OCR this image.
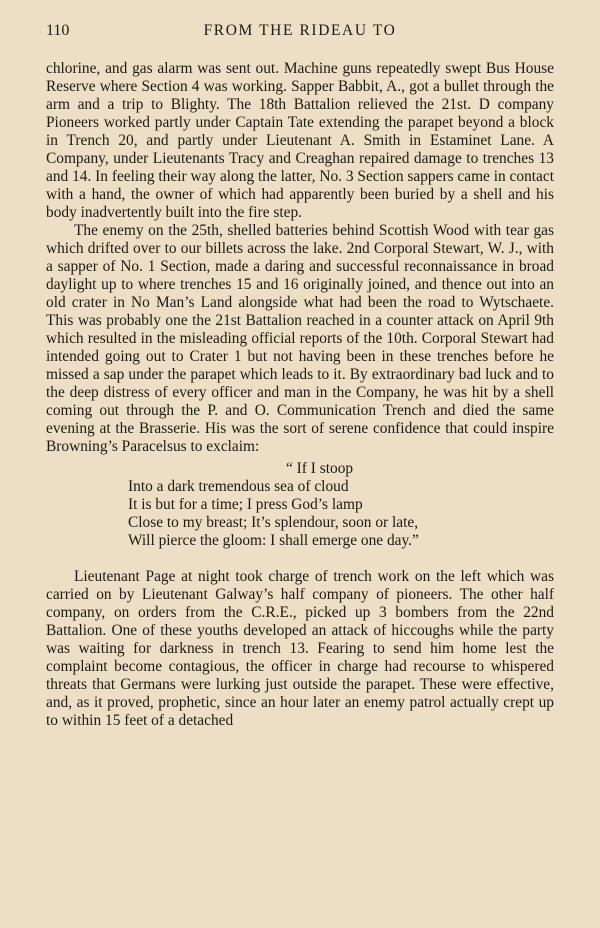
110	FROM THE RIDEAU TO

chlorine, and gas alarm was sent out. Machine guns repeatedly swept Bus House Reserve where Section 4 was working. Sapper Babbit, A., got a bullet through the arm and a trip to Blighty. The 18th Battalion relieved the 21st. D company Pioneers worked partly under Captain Tate extending the parapet beyond a block in Trench 20, and partly under Lieutenant A. Smith in Estaminet Lane. A Company, under Lieutenants Tracy and Creaghan repaired damage to trenches 13 and 14. In feeling their way along the latter, No. 3 Section sappers came in contact with a hand, the owner of which had apparently been buried by a shell and his body inadvertently built into the fire step.

The enemy on the 25th, shelled batteries behind Scottish Wood with tear gas which drifted over to our billets across the lake. 2nd Corporal Stewart, W. J., with a sapper of No. 1 Section, made a daring and successful reconnaissance in broad daylight up to where trenches 15 and 16 originally joined, and thence out into an old crater in No Man’s Land alongside what had been the road to Wytschaete. This was probably one the 21st Battalion reached in a counter attack on April 9th which resulted in the misleading official reports of the 10th. Corporal Stewart had intended going out to Crater 1 but not having been in these trenches before he missed a sap under the parapet which leads to it. By extraordinary bad luck and to the deep distress of every officer and man in the Company, he was hit by a shell coming out through the P. and O. Communication Trench and died the same evening at the Brasserie. His was the sort of serene confidence that could inspire Browning’s Paracelsus to exclaim:

“ If I stoop
Into a dark tremendous sea of cloud
It is but for a time; I press God’s lamp
Close to my breast; It’s splendour, soon or late,
Will pierce the gloom: I shall emerge one day.”

Lieutenant Page at night took charge of trench work on the left which was carried on by Lieutenant Galway’s half company of pioneers. The other half company, on orders from the C.R.E., picked up 3 bombers from the 22nd Battalion. One of these youths developed an attack of hiccoughs while the party was waiting for darkness in trench 13. Fearing to send him home lest the complaint become contagious, the officer in charge had recourse to whispered threats that Germans were lurking just outside the parapet. These were effective, and, as it proved, prophetic, since an hour later an enemy patrol actually crept up to within 15 feet of a detached
